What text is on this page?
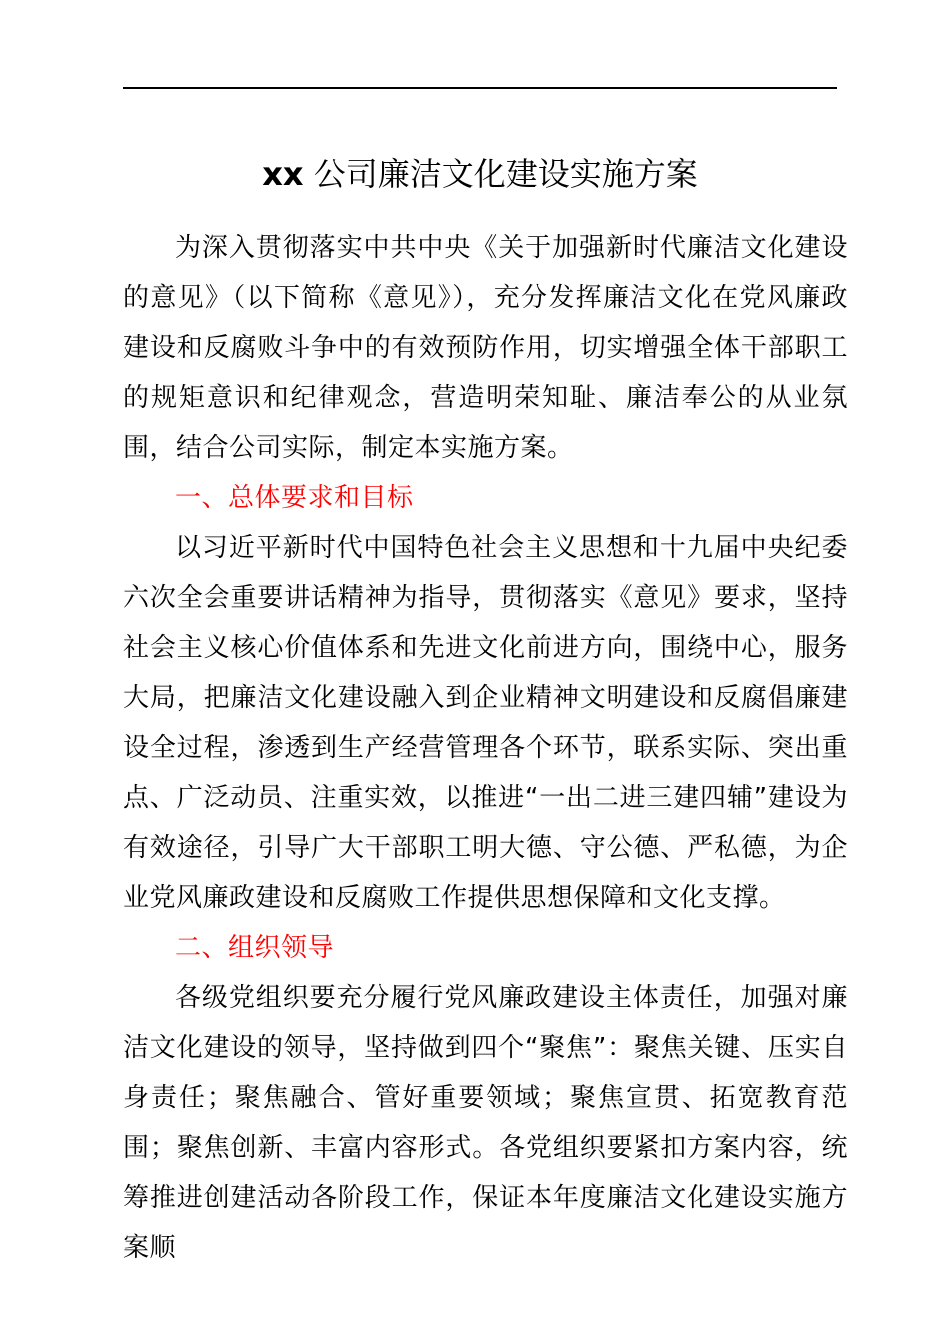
xx 公司廉洁文化建设实施方案

为深入贯彻落实中共中央《关于加强新时代廉洁文化建设的意见》（以下简称《意见》），充分发挥廉洁文化在党风廉政建设和反腐败斗争中的有效预防作用，切实增强全体干部职工的规矩意识和纪律观念，营造明荣知耻、廉洁奉公的从业氛围，结合公司实际，制定本实施方案。

一、总体要求和目标

以习近平新时代中国特色社会主义思想和十九届中央纪委六次全会重要讲话精神为指导，贯彻落实《意见》要求，坚持社会主义核心价值体系和先进文化前进方向，围绕中心，服务大局，把廉洁文化建设融入到企业精神文明建设和反腐倡廉建设全过程，渗透到生产经营管理各个环节，联系实际、突出重点、广泛动员、注重实效，以推进“一出二进三建四辅”建设为有效途径，引导广大干部职工明大德、守公德、严私德，为企业党风廉政建设和反腐败工作提供思想保障和文化支撑。

二、组织领导

各级党组织要充分履行党风廉政建设主体责任，加强对廉洁文化建设的领导，坚持做到四个“聚焦”：聚焦关键、压实自身责任；聚焦融合、管好重要领域；聚焦宣贯、拓宽教育范围；聚焦创新、丰富内容形式。各党组织要紧扣方案内容，统筹推进创建活动各阶段工作，保证本年度廉洁文化建设实施方案顺
